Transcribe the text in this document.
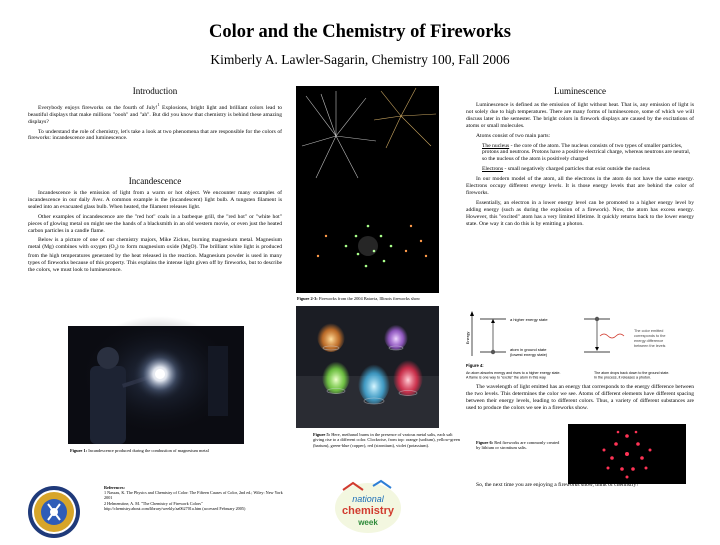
Color and the Chemistry of Fireworks
Kimberly A. Lawler-Sagarin, Chemistry 100, Fall 2006
Introduction

Everybody enjoys fireworks on the fourth of July!$^1$ Explosions, bright light and brilliant colors lead to beautiful displays that make millions "oooh" and "ah". But did you know that chemistry is behind these amazing displays?

To understand the role of chemistry, let's take a look at two phenomena that are responsible for the colors of fireworks: incandescence and luminescence.

Incandescence

Incandescence is the emission of light from a warm or hot object. We encounter many examples of incandescence in our daily lives. A common example is the (incandescent) light bulb. A tungsten filament is sealed into an evacuated glass bulb. When heated, the filament releases light.

Other examples of incandescence are the "red hot" coals in a barbeque grill, the "red hot" or "white hot" pieces of glowing metal on might see the hands of a blacksmith in an old western movie, or even just the heated carbon particles in a candle flame.

Below is a picture of one of our chemistry majors, Mike Zickus, burning magnesium metal. Magnesium metal (Mg) combines with oxygen $(O_2)$ to form magnesium oxide (MgO). The brilliant white light is produced from the high temperatures generated by the heat released in the reaction. Magnesium powder is used in many types of fireworks because of this property. This explains the intense light given off by fireworks, but to describe the colors, we must look to luminescence.

Figure 1: Incandescence produced during the combustion of magnesium metal
References:
1 Nassau, K. The Physics and Chemistry of Color: The Fifteen Causes of Color, 2nd ed.; Wiley: New York 2001
2 Helmenstine, A. M. "The Chemistry of Firework Colors"
http://chemistry.about.com/library/weekly/aa062701a.htm (accessed February 2005)
Figure 2-3: Fireworks from the 2004 Batavia, Illinois fireworks show
Figure 5: Here, methanol burns in the presence of various metal salts, each salt giving rise to a different color. Clockwise, from top: orange (sodium), yellow-green (barium), green-blue (copper), red (strontium), violet (potassium).
national
chemistry
week
Luminescence

Luminescence is defined as the emission of light without heat. That is, any emission of light is not solely due to high temperatures. There are many forms of luminescence, some of which we will discuss later in the semester. The bright colors in firework displays are caused by the excitations of atoms or small molecules.

Atoms consist of two main parts:

The nucleus - the core of the atom. The nucleus consists of two types of smaller particles, protons and neutrons. Protons have a positive electrical charge, whereas neutrons are neutral, so the nucleus of the atom is positively charged
Electrons - small negatively charged particles that exist outside the nucleus

In our modern model of the atom, all the electrons in the atom do not have the same energy. Electrons occupy different energy levels. It is those energy levels that are behind the color of fireworks.

Essentially, an electron in a lower energy level can be promoted to a higher energy level by adding energy (such as during the explosion of a firework). Now, the atom has excess energy. However, this "excited" atom has a very limited lifetime. It quickly returns back to the lower energy state. One way it can do this is by emitting a photon.

Energy
a higher energy state
atom in ground state
(lowest energy state)
The color emitted
corresponds to the
energy difference
between the levels
Figure 4:
An atom absorbs energy and rises to a higher energy state.
A flame is one way to "excite" the atom in this way.
The atom drops back down to the ground state.
In the process, it releases a photon.

The wavelength of light emitted has an energy that corresponds to the energy difference between the two levels. This determines the color we see. Atoms of different elements have different spacing between their energy levels, leading to different colors. Thus, a variety of different substances are used to produce the colors we see in a fireworks show.

Figure 6: Red fireworks are commonly created by lithium or strontium salts.

So, the next time you are enjoying a fireworks show, think of chemistry!
